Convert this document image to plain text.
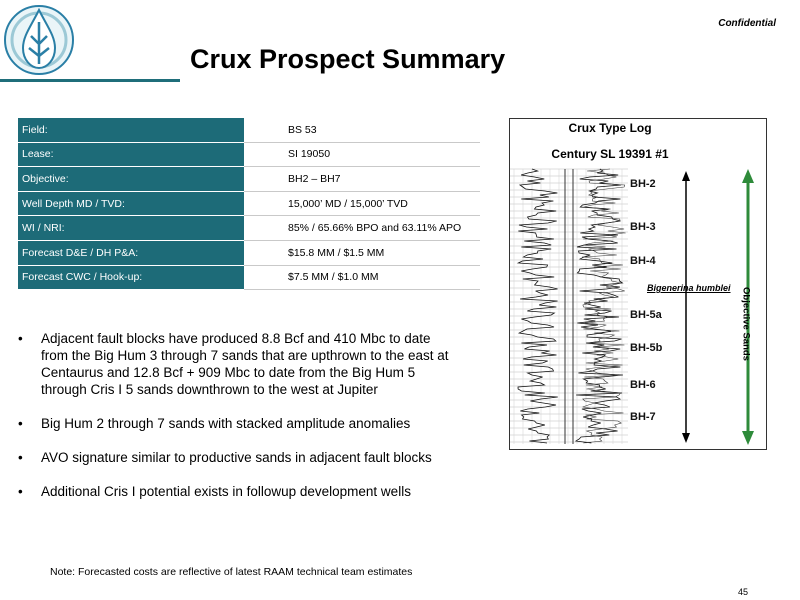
Confidential
Crux Prospect Summary
Field:		BS 53
Lease:		SI 19050
Objective:		BH2 – BH7
Well Depth MD / TVD:		15,000’ MD / 15,000’ TVD
WI / NRI:		85% / 65.66% BPO and 63.11% APO
Forecast D&E / DH P&A:		$15.8 MM / $1.5 MM
Forecast CWC / Hook-up:		$7.5 MM / $1.0 MM
• Adjacent fault blocks have produced 8.8 Bcf and 410 Mbc to date from the Big Hum 3 through 7 sands that are upthrown to the east at Centaurus and 12.8 Bcf + 909 Mbc to date from the Big Hum 5 through Cris I 5 sands downthrown to the west at Jupiter
• Big Hum 2 through 7 sands with stacked amplitude anomalies
• AVO signature similar to productive sands in adjacent fault blocks
• Additional Cris I potential exists in followup development wells
Crux Type Log
Century SL 19391 #1
BH-2
BH-3
BH-4
Bigenerina humblei
BH-5a
BH-5b
BH-6
BH-7
Objective Sands
Note: Forecasted costs are reflective of latest RAAM technical team estimates
45
